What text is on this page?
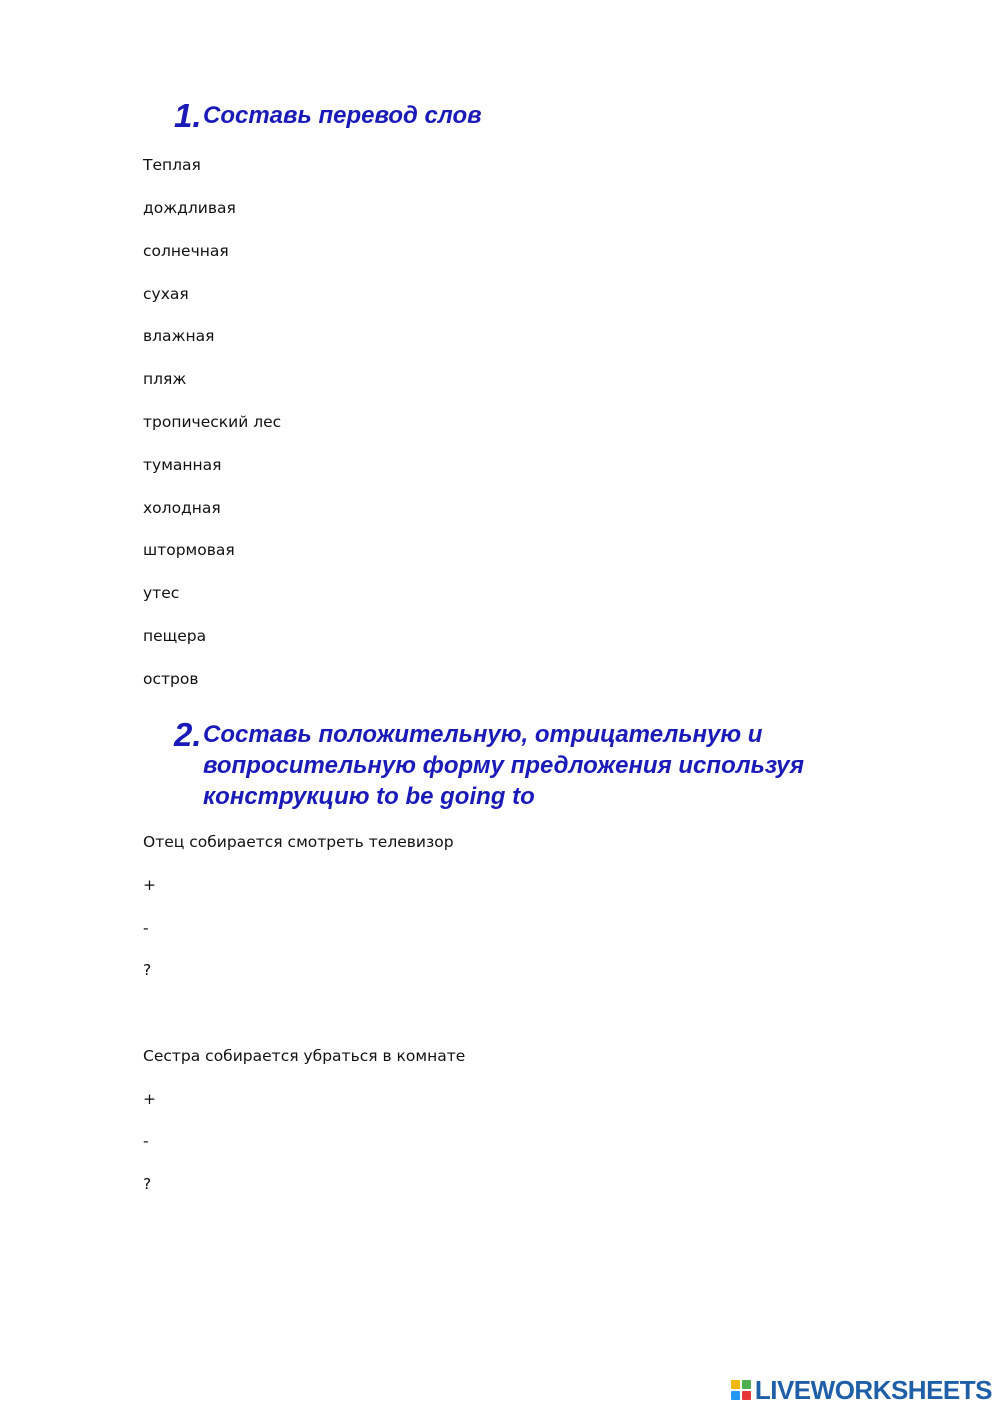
1. Составь перевод слов
Теплая
дождливая
солнечная
сухая
влажная
пляж
тропический лес
туманная
холодная
штормовая
утес
пещера
остров
2. Составь положительную, отрицательную и вопросительную форму предложения используя конструкцию to be going to
Отец собирается смотреть телевизор
+
-
?
Сестра собирается убраться в комнате
+
-
?
LIVEWORKSHEETS
